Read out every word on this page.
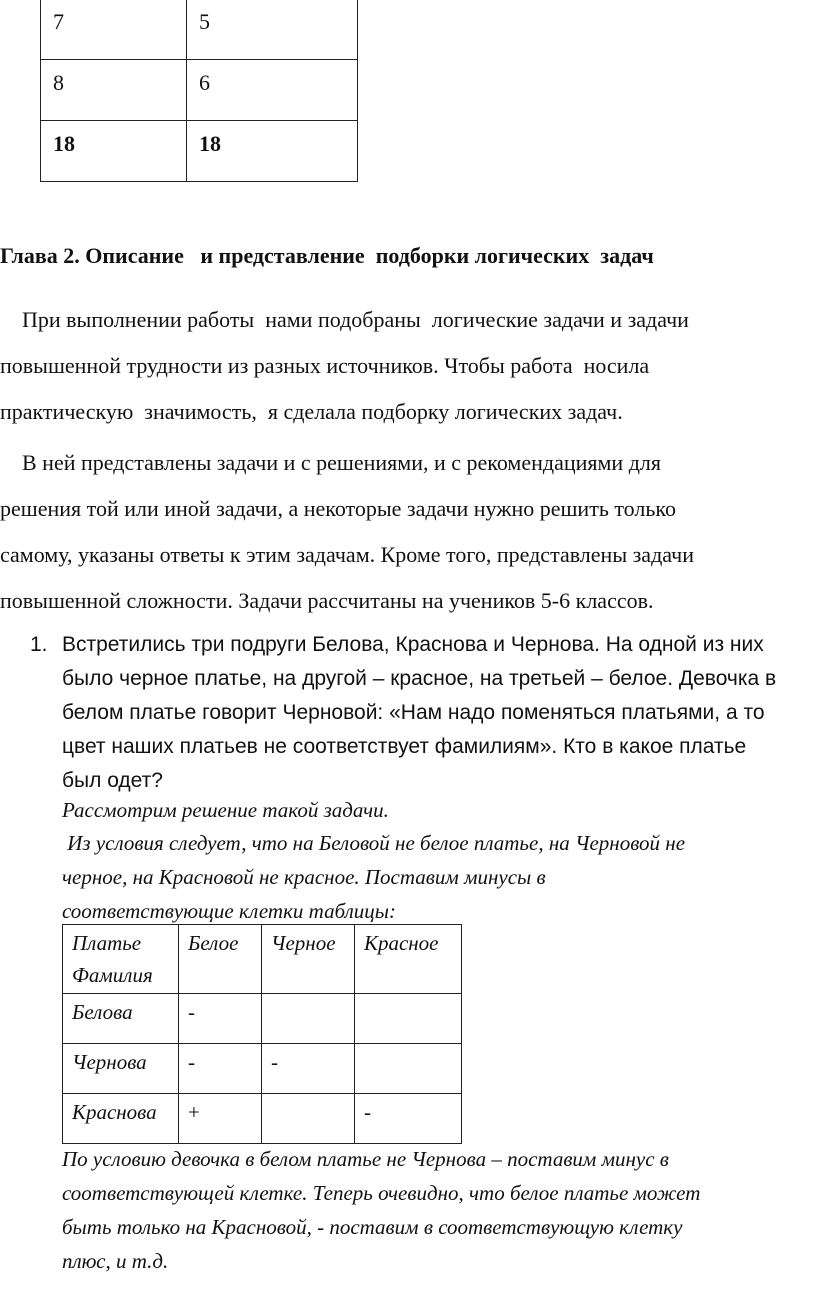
7	5
8	6
18	18
Глава 2. Описание   и представление  подборки логических  задач

При выполнении работы  нами подобраны  логические задачи и задачи
повышенной трудности из разных источников. Чтобы работа  носила
практическую  значимость,  я сделала подборку логических задач.

В ней представлены задачи и с решениями, и с рекомендациями для
решения той или иной задачи, а некоторые задачи нужно решить только
самому, указаны ответы к этим задачам. Кроме того, представлены задачи
повышенной сложности. Задачи рассчитаны на учеников 5-6 классов.

1. Встретились три подруги Белова, Краснова и Чернова. На одной из них
было черное платье, на другой – красное, на третьей – белое. Девочка в
белом платье говорит Черновой: «Нам надо поменяться платьями, а то
цвет наших платьев не соответствует фамилиям». Кто в какое платье
был одет?

Рассмотрим решение такой задачи.

Из условия следует, что на Беловой не белое платье, на Черновой не
черное, на Красновой не красное. Поставим минусы в
соответствующие клетки таблицы:

Платье
Фамилия	Белое	Черное	Красное
Белова	-		
Чернова	-	-	
Краснова	+		-

По условию девочка в белом платье не Чернова – поставим минус в
соответствующей клетке. Теперь очевидно, что белое платье может
быть только на Красновой, - поставим в соответствующую клетку
плюс, и т.д.
